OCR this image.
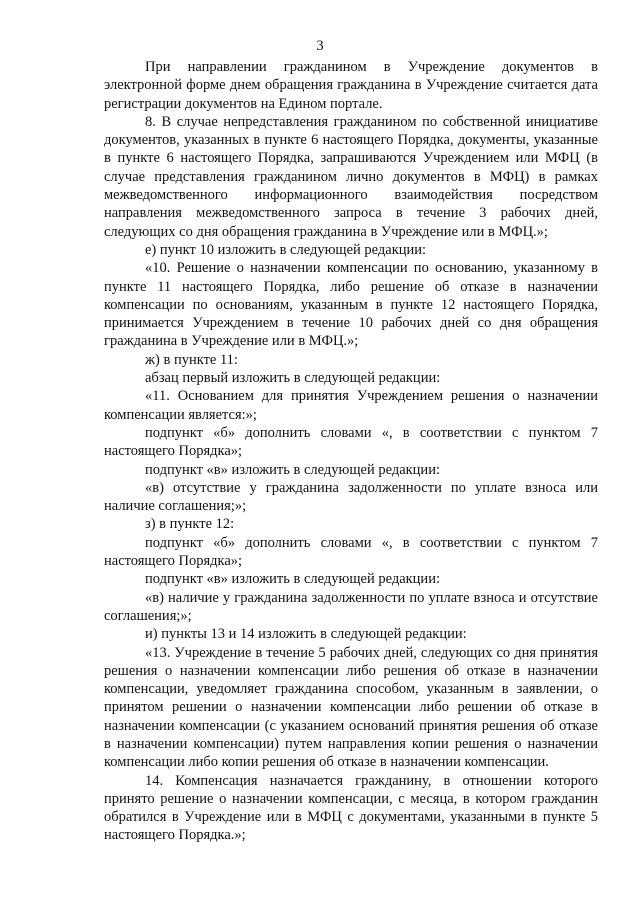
3

При направлении гражданином в Учреждение документов в электронной форме днем обращения гражданина в Учреждение считается дата регистрации документов на Едином портале.

8. В случае непредставления гражданином по собственной инициативе документов, указанных в пункте 6 настоящего Порядка, документы, указанные в пункте 6 настоящего Порядка, запрашиваются Учреждением или МФЦ (в случае представления гражданином лично документов в МФЦ) в рамках межведомственного информационного взаимодействия посредством направления межведомственного запроса в течение 3 рабочих дней, следующих со дня обращения гражданина в Учреждение или в МФЦ.»;

е) пункт 10 изложить в следующей редакции:

«10. Решение о назначении компенсации по основанию, указанному в пункте 11 настоящего Порядка, либо решение об отказе в назначении компенсации по основаниям, указанным в пункте 12 настоящего Порядка, принимается Учреждением в течение 10 рабочих дней со дня обращения гражданина в Учреждение или в МФЦ.»;

ж) в пункте 11:

абзац первый изложить в следующей редакции:

«11. Основанием для принятия Учреждением решения о назначении компенсации является:»;

подпункт «б» дополнить словами «, в соответствии с пунктом 7 настоящего Порядка»;

подпункт «в» изложить в следующей редакции:

«в) отсутствие у гражданина задолженности по уплате взноса или наличие соглашения;»;

з) в пункте 12:

подпункт «б» дополнить словами «, в соответствии с пунктом 7 настоящего Порядка»;

подпункт «в» изложить в следующей редакции:

«в) наличие у гражданина задолженности по уплате взноса и отсутствие соглашения;»;

и) пункты 13 и 14 изложить в следующей редакции:

«13. Учреждение в течение 5 рабочих дней, следующих со дня принятия решения о назначении компенсации либо решения об отказе в назначении компенсации, уведомляет гражданина способом, указанным в заявлении, о принятом решении о назначении компенсации либо решении об отказе в назначении компенсации (с указанием оснований принятия решения об отказе в назначении компенсации) путем направления копии решения о назначении компенсации либо копии решения об отказе в назначении компенсации.

14. Компенсация назначается гражданину, в отношении которого принято решение о назначении компенсации, с месяца, в котором гражданин обратился в Учреждение или в МФЦ с документами, указанными в пункте 5 настоящего Порядка.»;
